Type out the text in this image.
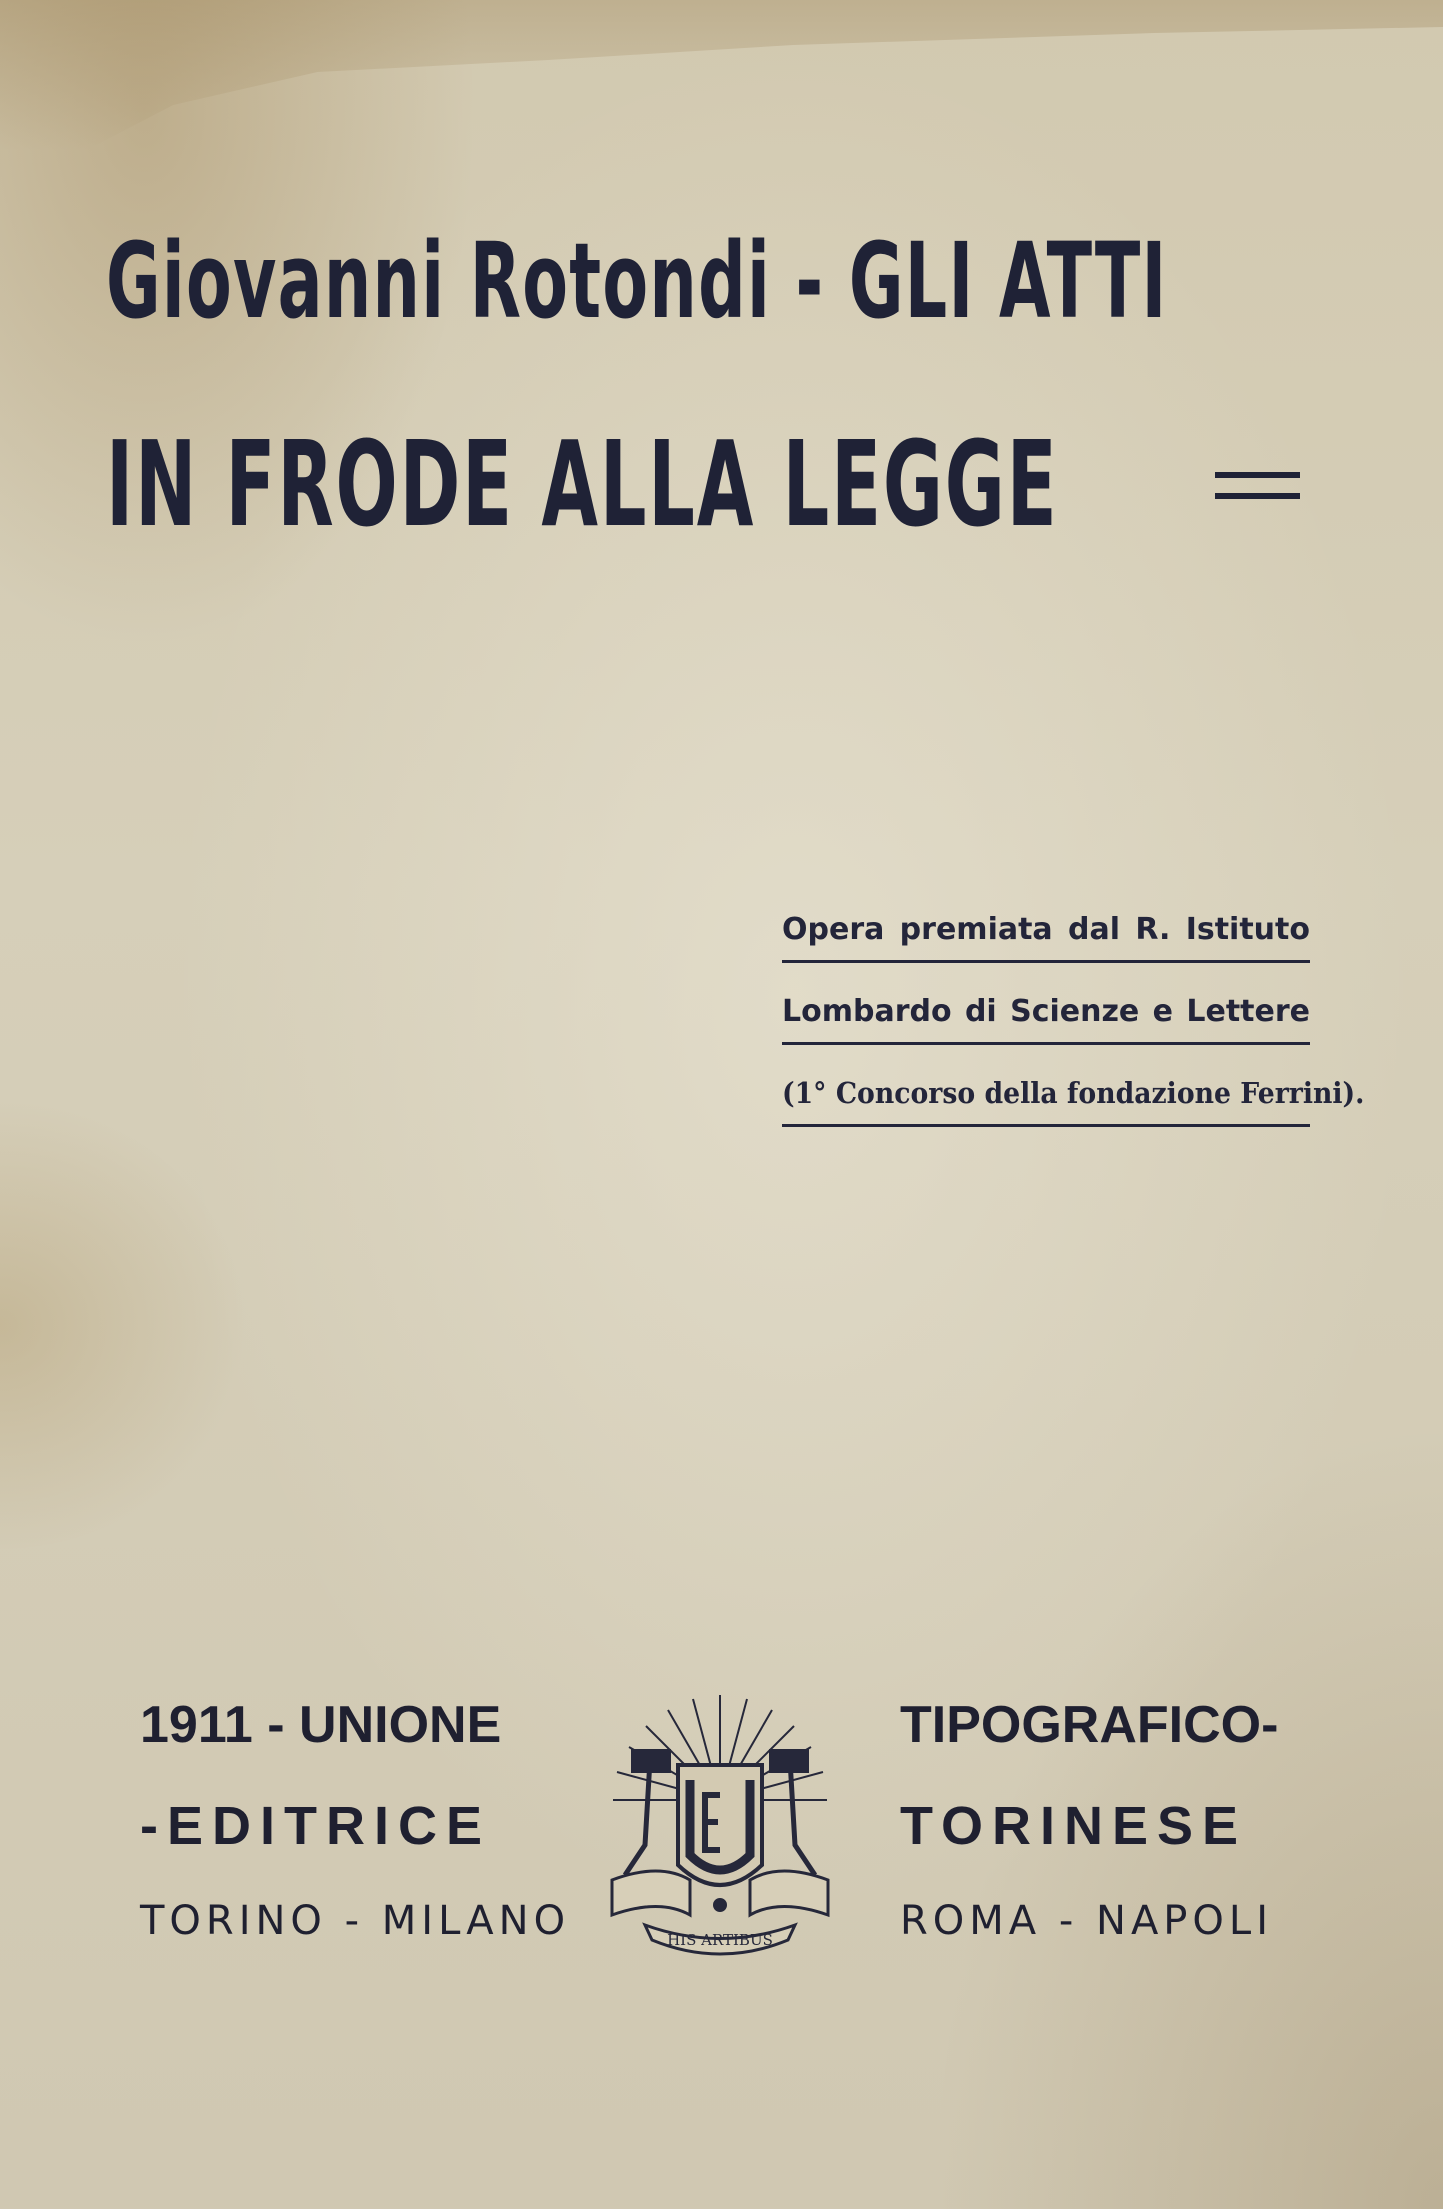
Giovanni Rotondi - GLI ATTI
IN FRODE ALLA LEGGE
Opera premiata dal R. Istituto
Lombardo di Scienze e Lettere
(1° Concorso della fondazione Ferrini).
1911 - UNIONE
-EDITRICE
TORINO - MILANO
TIPOGRAFICO-
TORINESE
ROMA - NAPOLI
HIS ARTIBUS
